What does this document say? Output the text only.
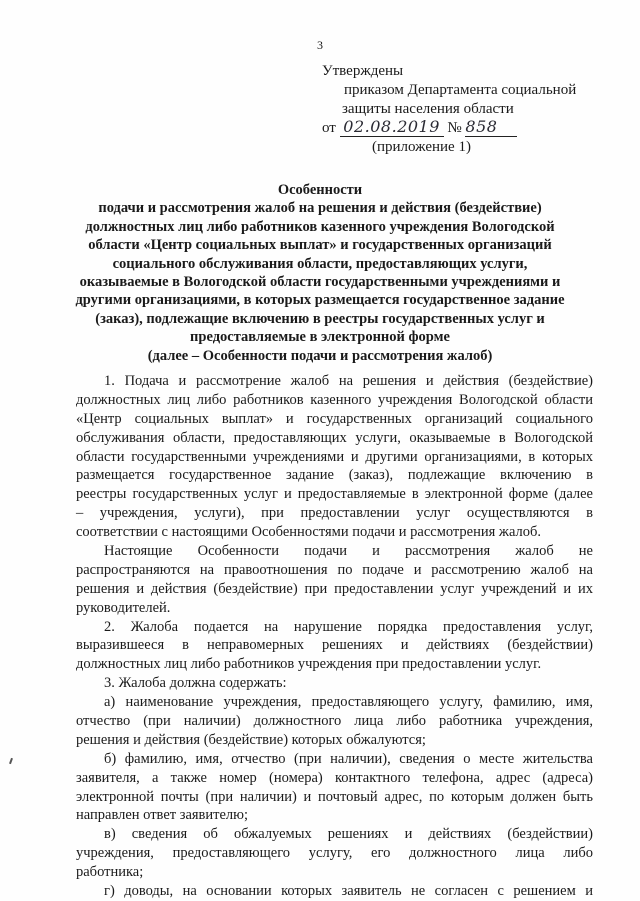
3
Утверждены
приказом Департамента социальной
защиты населения области
от 02.08.2019 № 858
(приложение 1)
Особенности
подачи и рассмотрения жалоб на решения и действия (бездействие)
должностных лиц либо работников казенного учреждения Вологодской
области «Центр социальных выплат» и государственных организаций
социального обслуживания области, предоставляющих услуги,
оказываемые в Вологодской области государственными учреждениями и
другими организациями, в которых размещается государственное задание
(заказ), подлежащие включению в реестры государственных услуг и
предоставляемые в электронной форме
(далее – Особенности подачи и рассмотрения жалоб)
1. Подача и рассмотрение жалоб на решения и действия (бездействие)
должностных лиц либо работников казенного учреждения Вологодской области
«Центр социальных выплат» и государственных организаций социального
обслуживания области, предоставляющих услуги, оказываемые в Вологодской
области государственными учреждениями и другими организациями, в которых
размещается государственное задание (заказ), подлежащие включению в
реестры государственных услуг и предоставляемые в электронной форме (далее
– учреждения, услуги), при предоставлении услуг осуществляются в
соответствии с настоящими Особенностями подачи и рассмотрения жалоб.
Настоящие Особенности подачи и рассмотрения жалоб не
распространяются на правоотношения по подаче и рассмотрению жалоб на
решения и действия (бездействие) при предоставлении услуг учреждений и их
руководителей.
2. Жалоба подается на нарушение порядка предоставления услуг,
выразившееся в неправомерных решениях и действиях (бездействии)
должностных лиц либо работников учреждения при предоставлении услуг.
3. Жалоба должна содержать:
а) наименование учреждения, предоставляющего услугу, фамилию, имя,
отчество (при наличии) должностного лица либо работника учреждения,
решения и действия (бездействие) которых обжалуются;
б) фамилию, имя, отчество (при наличии), сведения о месте жительства
заявителя, а также номер (номера) контактного телефона, адрес (адреса)
электронной почты (при наличии) и почтовый адрес, по которым должен быть
направлен ответ заявителю;
в) сведения об обжалуемых решениях и действиях (бездействии)
учреждения, предоставляющего услугу, его должностного лица либо
работника;
г) доводы, на основании которых заявитель не согласен с решением и
